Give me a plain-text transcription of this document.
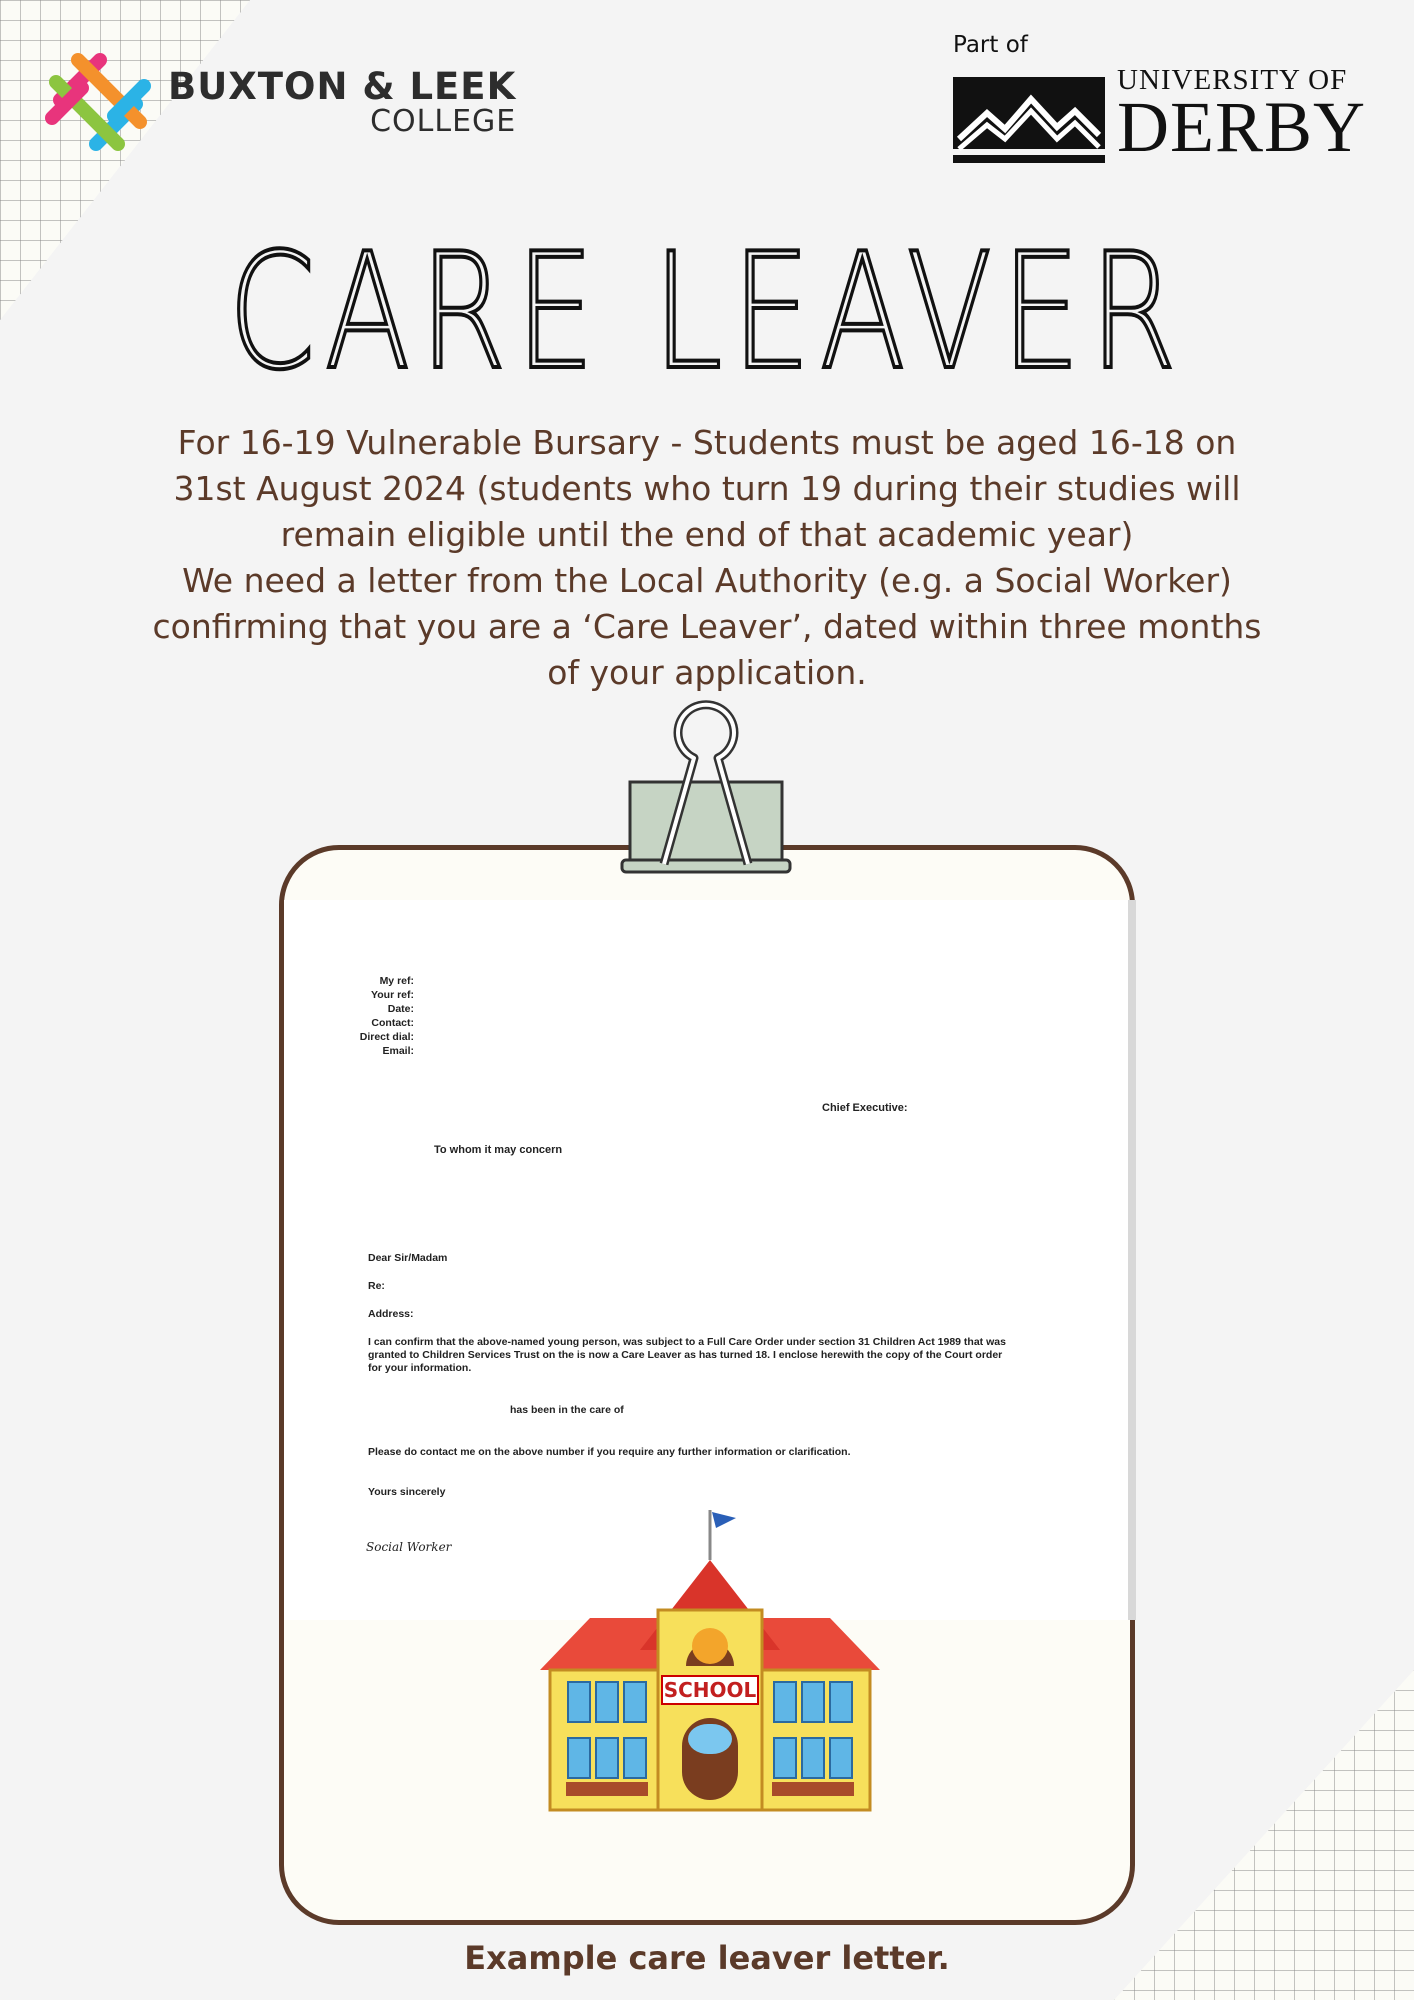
BUXTON & LEEK
COLLEGE
Part of
UNIVERSITY OF
DERBY
CARE LEAVER

For 16-19 Vulnerable Bursary - Students must be aged 16-18 on 31st August 2024 (students who turn 19 during their studies will remain eligible until the end of that academic year)

We need a letter from the Local Authority (e.g. a Social Worker) confirming that you are a ‘Care Leaver’, dated within three months of your application.

My ref:
Your ref:
Date:
Contact:
Direct dial:
Email:
Chief Executive:
To whom it may concern
Dear Sir/Madam
Re:
Address:
I can confirm that the above-named young person, was subject to a Full Care Order under section 31 Children Act 1989 that was granted to Children Services Trust on the is now a Care Leaver as has turned 18. I enclose herewith the copy of the Court order for your information.
has been in the care of
Please do contact me on the above number if you require any further information or clarification.
Yours sincerely
Social Worker
SCHOOL
Example care leaver letter.
